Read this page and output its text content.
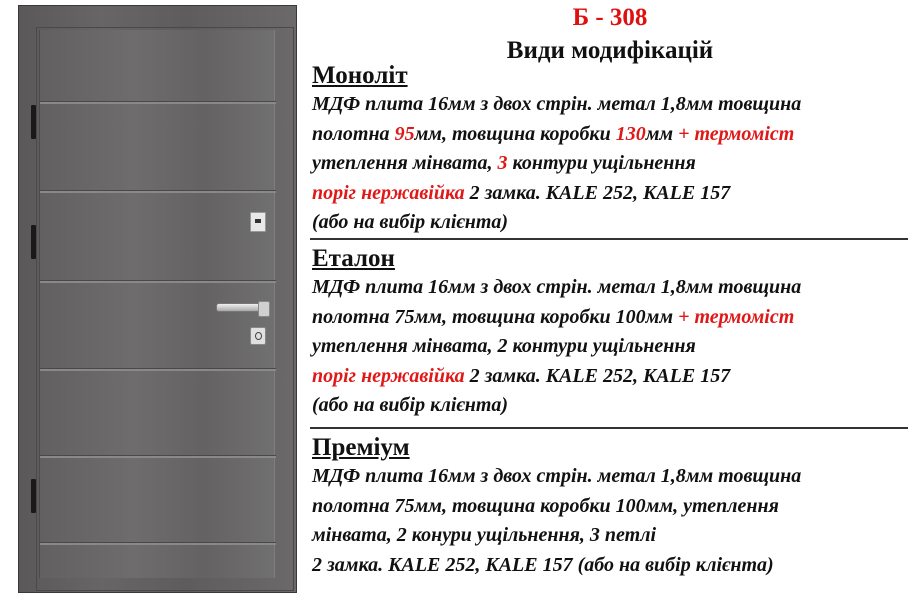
Б - 308
Види модифікацій

Моноліт

МДФ плита 16мм з двох стрін. метал 1,8мм товщина

полотна 95мм, товщина коробки 130мм + термоміст

утеплення мінвата, 3 контури ущільнення

поріг нержавійка 2 замка. KALE 252, KALE 157

(або на вибір клієнта)

Еталон

МДФ плита 16мм з двох стрін. метал 1,8мм товщина

полотна 75мм, товщина коробки 100мм + термоміст

утеплення мінвата, 2 контури ущільнення

поріг нержавійка 2 замка. KALE 252, KALE 157

(або на вибір клієнта)

Преміум

МДФ плита 16мм з двох стрін. метал 1,8мм товщина

полотна 75мм, товщина коробки 100мм, утеплення

мінвата, 2 конури ущільнення, 3 петлі

2 замка. KALE 252, KALE 157 (або на вибір клієнта)
